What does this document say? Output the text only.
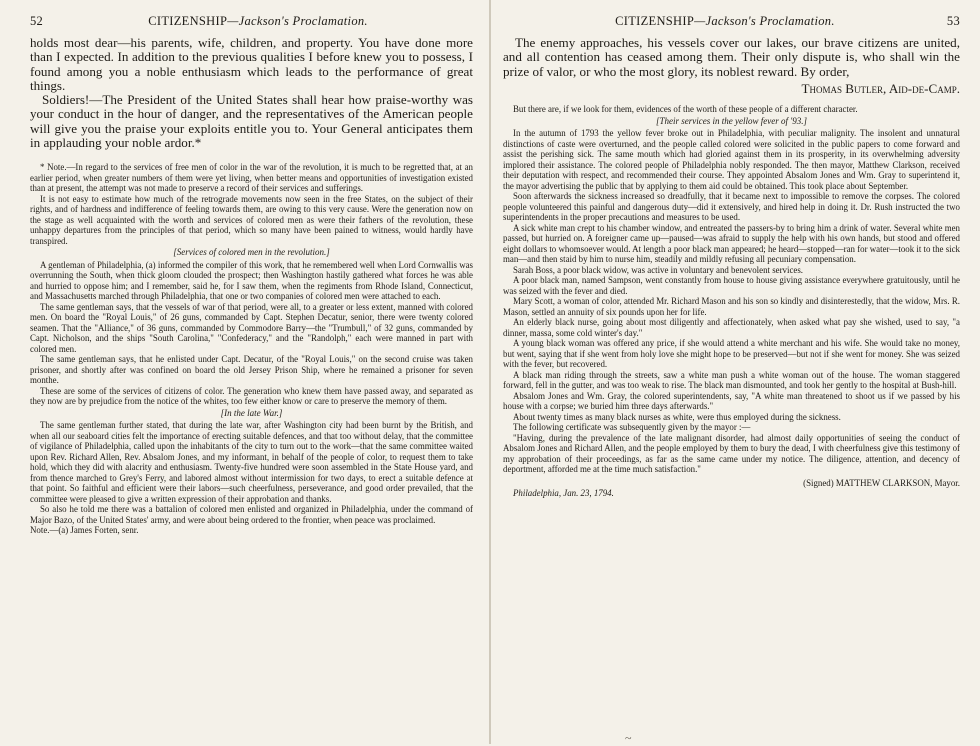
52	CITIZENSHIP—Jackson's Proclamation.

holds most dear—his parents, wife, children, and property. You have done more than I expected. In addition to the previous qualities I before knew you to possess, I found among you a noble enthusiasm which leads to the performance of great things.

Soldiers!—The President of the United States shall hear how praise-worthy was your conduct in the hour of danger, and the representatives of the American people will give you the praise your exploits entitle you to. Your General anticipates them in applauding your noble ardor.*

* Note.—In regard to the services of free men of color in the war of the revolution, it is much to be regretted that, at an earlier period, when greater numbers of them were yet living, when better means and opportunities of investigation existed than at present, the attempt was not made to preserve a record of their services and sufferings.

It is not easy to estimate how much of the retrograde movements now seen in the free States, on the subject of their rights, and of hardness and indifference of feeling towards them, are owing to this very cause. Were the generation now on the stage as well acquainted with the worth and services of colored men as were their fathers of the revolution, these unhappy departures from the principles of that period, which so many have been pained to witness, would hardly have transpired.

[Services of colored men in the revolution.]

A gentleman of Philadelphia, (a) informed the compiler of this work, that he remembered well when Lord Cornwallis was overrunning the South, when thick gloom clouded the prospect; then Washington hastily gathered what forces he was able and hurried to oppose him; and I remember, said he, for I saw them, when the regiments from Rhode Island, Connecticut, and Massachusetts marched through Philadelphia, that one or two companies of colored men were attached to each.

The same gentleman says, that the vessels of war of that period, were all, to a greater or less extent, manned with colored men. On board the "Royal Louis," of 26 guns, commanded by Capt. Stephen Decatur, senior, there were twenty colored seamen. That the "Alliance," of 36 guns, commanded by Commodore Barry—the "Trumbull," of 32 guns, commanded by Capt. Nicholson, and the ships "South Carolina," "Confederacy," and the "Randolph," each were manned in part with colored men.

The same gentleman says, that he enlisted under Capt. Decatur, of the "Royal Louis," on the second cruise was taken prisoner, and shortly after was confined on board the old Jersey Prison Ship, where he remained a prisoner for seven monthe.

These are some of the services of citizens of color. The generation who knew them have passed away, and separated as they now are by prejudice from the notice of the whites, too few either know or care to preserve the memory of them.

[In the late War.]

The same gentleman further stated, that during the late war, after Washington city had been burnt by the British, and when all our seaboard cities felt the importance of erecting suitable defences, and that too without delay, that the committee of vigilance of Philadelphia, called upon the inhabitants of the city to turn out to the work—that the same committee waited upon Rev. Richard Allen, Rev. Absalom Jones, and my informant, in behalf of the people of color, to request them to take hold, which they did with alacrity and enthusiasm. Twenty-five hundred were soon assembled in the State House yard, and from thence marched to Grey's Ferry, and labored almost without intermission for two days, to erect a suitable defence at that point. So faithful and efficient were their labors—such cheerfulness, perseverance, and good order prevailed, that the committee were pleased to give a written expression of their approbation and thanks.

So also he told me there was a battalion of colored men enlisted and organized in Philadelphia, under the command of Major Bazo, of the United States' army, and were about being ordered to the frontier, when peace was proclaimed.

Note.—(a) James Forten, senr.

CITIZENSHIP—Jackson's Proclamation.	53

The enemy approaches, his vessels cover our lakes, our brave citizens are united, and all contention has ceased among them. Their only dispute is, who shall win the prize of valor, or who the most glory, its noblest reward. By order,

Thomas Butler, Aid-de-Camp.

But there are, if we look for them, evidences of the worth of these people of a different character.

[Their services in the yellow fever of '93.]

In the autumn of 1793 the yellow fever broke out in Philadelphia, with peculiar malignity. The insolent and unnatural distinctions of caste were overturned, and the people called colored were solicited in the public papers to come forward and assist the perishing sick. The same mouth which had gloried against them in its prosperity, in its overwhelming adversity implored their assistance. The colored people of Philadelphia nobly responded. The then mayor, Matthew Clarkson, received their deputation with respect, and recommended their course. They appointed Absalom Jones and Wm. Gray to superintend it, the mayor advertising the public that by applying to them aid could be obtained. This took place about September.

Soon afterwards the sickness increased so dreadfully, that it became next to impossible to remove the corpses. The colored people volunteered this painful and dangerous duty—did it extensively, and hired help in doing it. Dr. Rush instructed the two superintendents in the proper precautions and measures to be used.

A sick white man crept to his chamber window, and entreated the passers-by to bring him a drink of water. Several white men passed, but hurried on. A foreigner came up—paused—was afraid to supply the help with his own hands, but stood and offered eight dollars to whomsoever would. At length a poor black man appeared; he heard—stopped—ran for water—took it to the sick man—and then staid by him to nurse him, steadily and mildly refusing all pecuniary compensation.

Sarah Boss, a poor black widow, was active in voluntary and benevolent services.

A poor black man, named Sampson, went constantly from house to house giving assistance everywhere gratuitously, until he was seized with the fever and died.

Mary Scott, a woman of color, attended Mr. Richard Mason and his son so kindly and disinterestedly, that the widow, Mrs. R. Mason, settled an annuity of six pounds upon her for life.

An elderly black nurse, going about most diligently and affectionately, when asked what pay she wished, used to say, "a dinner, massa, some cold winter's day."

A young black woman was offered any price, if she would attend a white merchant and his wife. She would take no money, but went, saying that if she went from holy love she might hope to be preserved—but not if she went for money. She was seized with the fever, but recovered.

A black man riding through the streets, saw a white man push a white woman out of the house. The woman staggered forward, fell in the gutter, and was too weak to rise. The black man dismounted, and took her gently to the hospital at Bush-hill.

Absalom Jones and Wm. Gray, the colored superintendents, say, "A white man threatened to shoot us if we passed by his house with a corpse; we buried him three days afterwards."

About twenty times as many black nurses as white, were thus employed during the sickness.

The following certificate was subsequently given by the mayor :—

"Having, during the prevalence of the late malignant disorder, had almost daily opportunities of seeing the conduct of Absalom Jones and Richard Allen, and the people employed by them to bury the dead, I with cheerfulness give this testimony of my approbation of their proceedings, as far as the same came under my notice. The diligence, attention, and decency of deportment, afforded me at the time much satisfaction."

(Signed) MATTHEW CLARKSON, Mayor.

Philadelphia, Jan. 23, 1794.

~
